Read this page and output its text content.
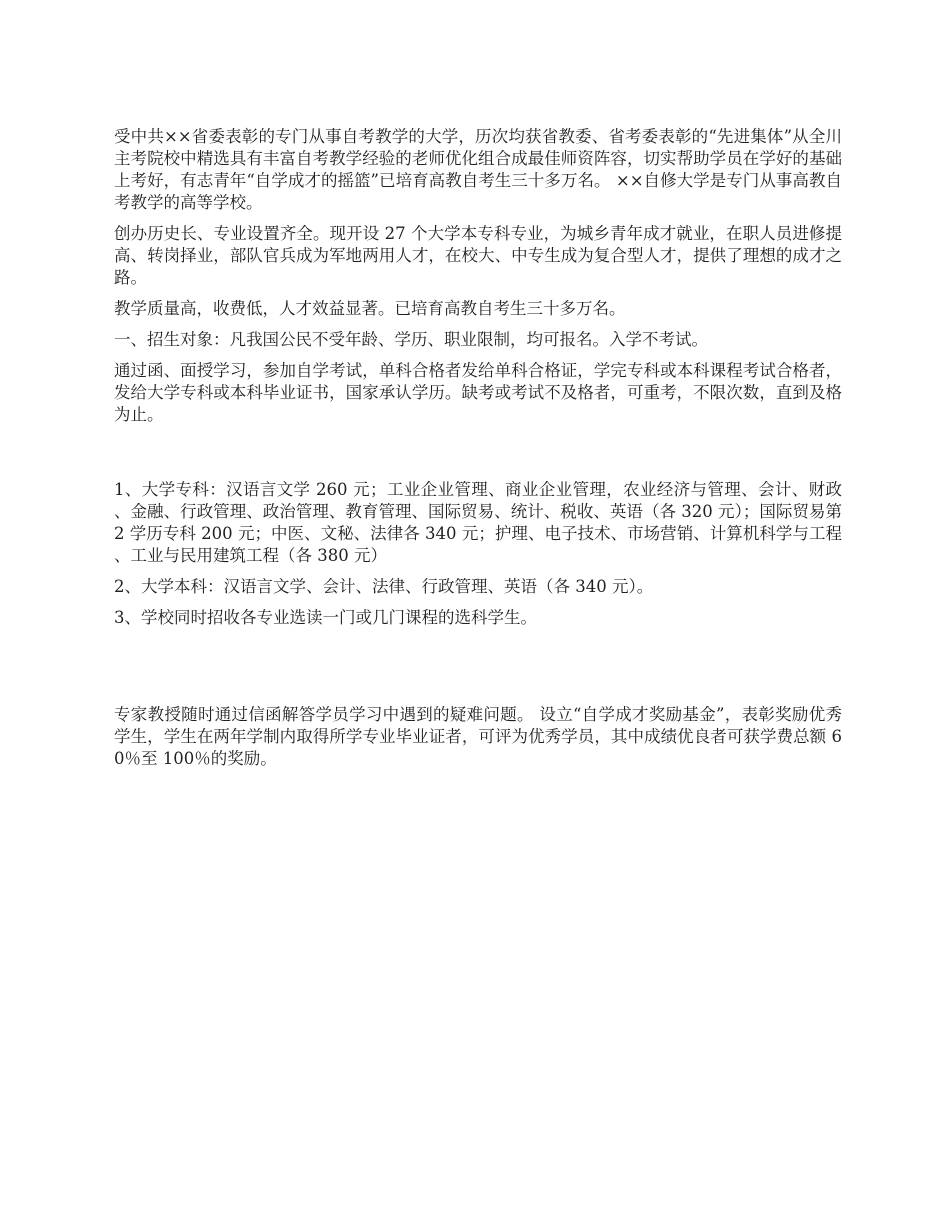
受中共××省委表彰的专门从事自考教学的大学，历次均获省教委、省考委表彰的“先进集体”从全川主考院校中精选具有丰富自考教学经验的老师优化组合成最佳师资阵容，切实帮助学员在学好的基础上考好，有志青年“自学成才的摇篮”已培育高教自考生三十多万名。 ××自修大学是专门从事高教自考教学的高等学校。

创办历史长、专业设置齐全。现开设 27 个大学本专科专业，为城乡青年成才就业，在职人员进修提高、转岗择业，部队官兵成为军地两用人才，在校大、中专生成为复合型人才，提供了理想的成才之路。

教学质量高，收费低，人才效益显著。已培育高教自考生三十多万名。

一、招生对象：凡我国公民不受年龄、学历、职业限制，均可报名。入学不考试。

通过函、面授学习，参加自学考试，单科合格者发给单科合格证，学完专科或本科课程考试合格者，发给大学专科或本科毕业证书，国家承认学历。缺考或考试不及格者，可重考，不限次数，直到及格为止。

1、大学专科：汉语言文学 260 元；工业企业管理、商业企业管理，农业经济与管理、会计、财政、金融、行政管理、政治管理、教育管理、国际贸易、统计、税收、英语（各 320 元）；国际贸易第 2 学历专科 200 元；中医、文秘、法律各 340 元；护理、电子技术、市场营销、计算机科学与工程、工业与民用建筑工程（各 380 元）

2、大学本科：汉语言文学、会计、法律、行政管理、英语（各 340 元）。

3、学校同时招收各专业选读一门或几门课程的选科学生。

专家教授随时通过信函解答学员学习中遇到的疑难问题。 设立“自学成才奖励基金”，表彰奖励优秀学生，学生在两年学制内取得所学专业毕业证者，可评为优秀学员，其中成绩优良者可获学费总额 60％至 100％的奖励。
